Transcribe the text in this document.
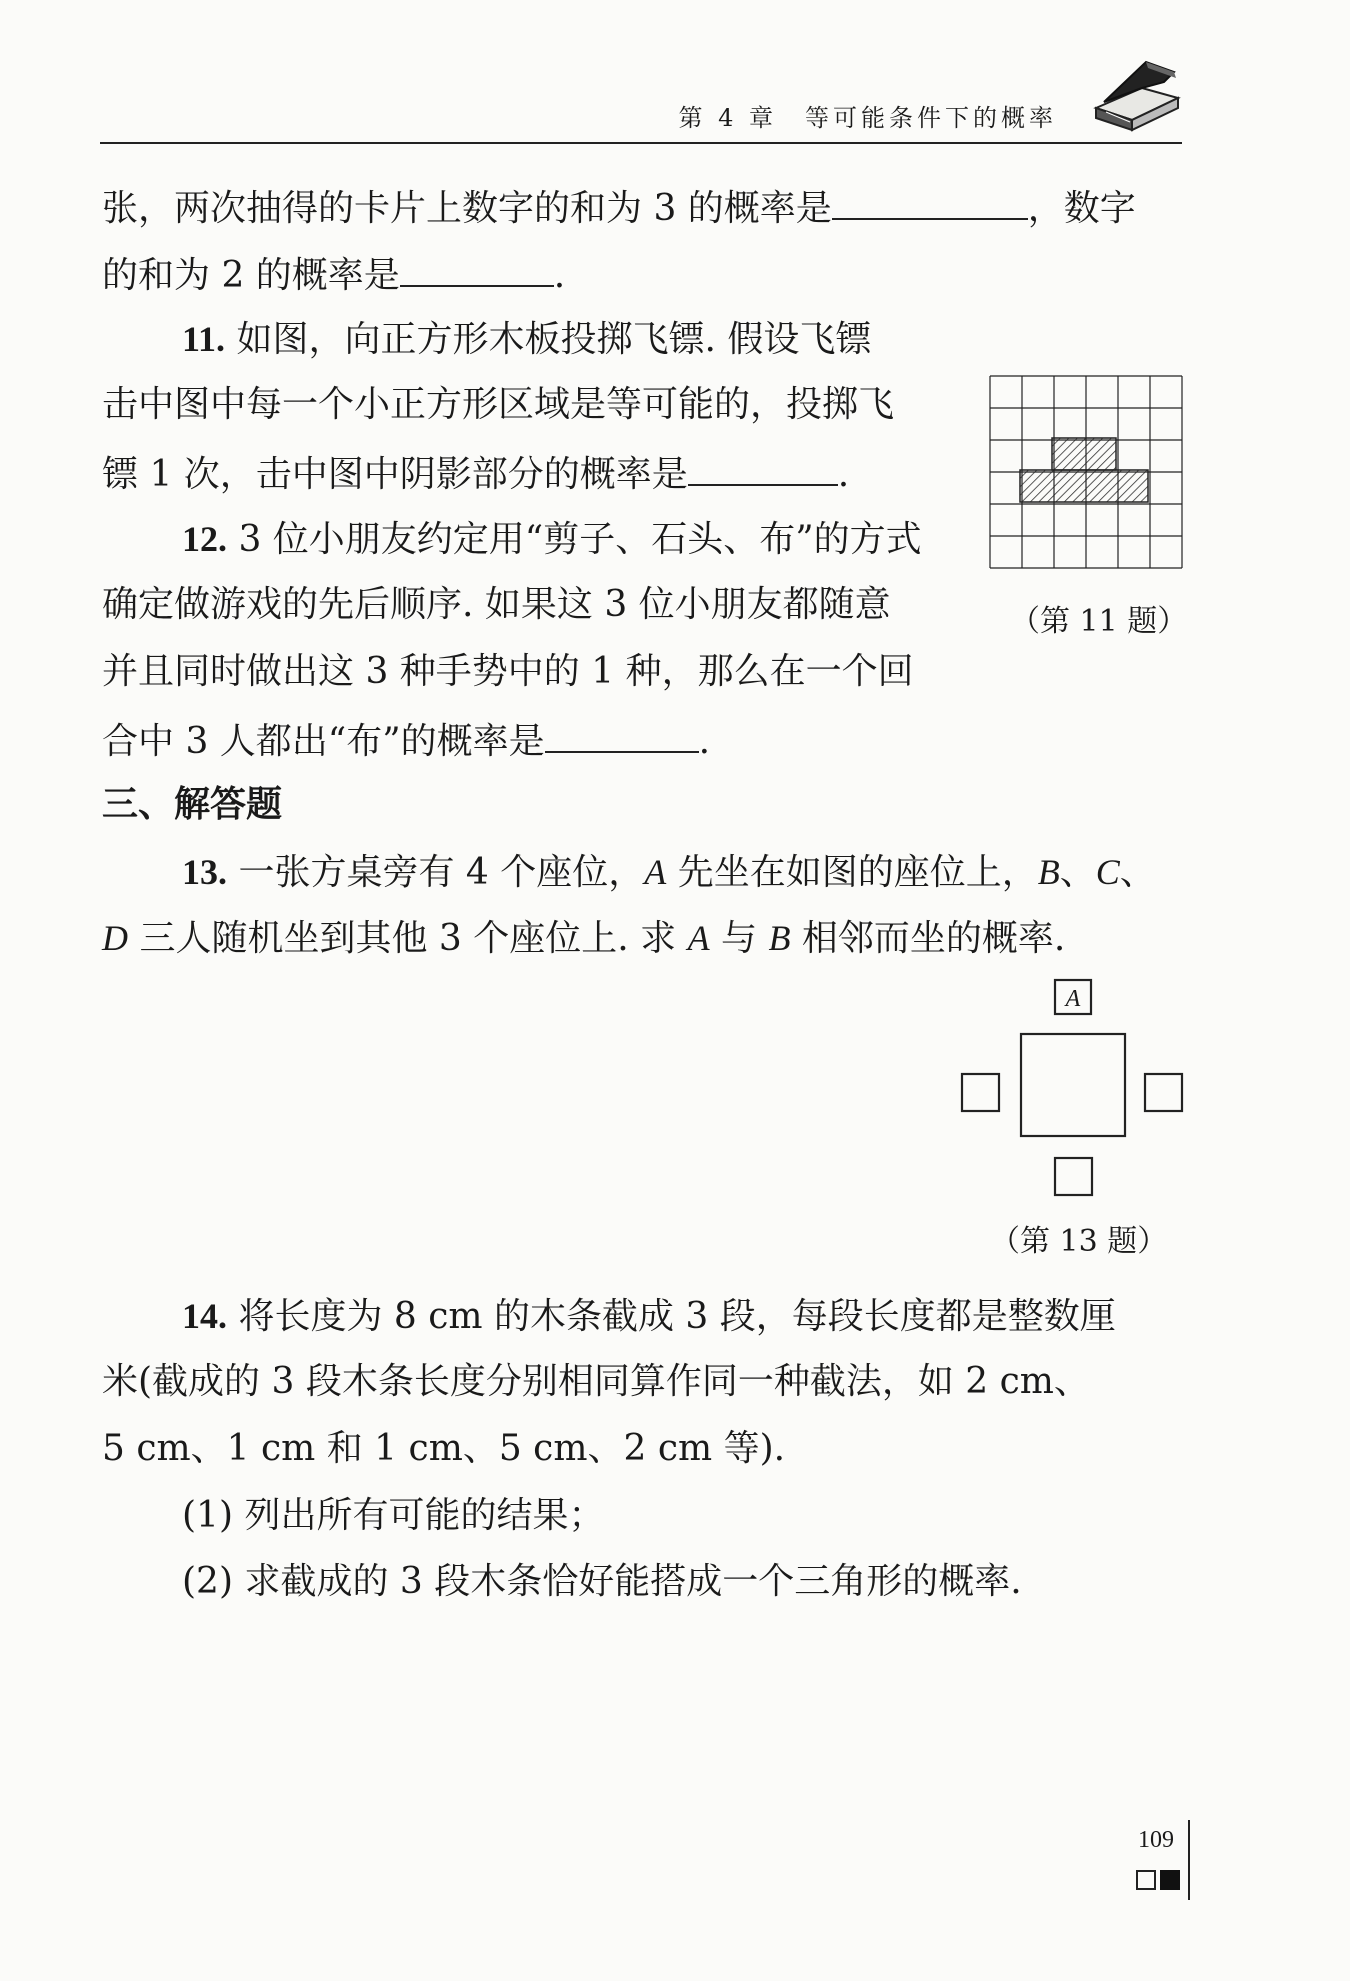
第 4 章　等可能条件下的概率
张，两次抽得的卡片上数字的和为 3 的概率是	，数字
的和为 2 的概率是	.
11. 如图，向正方形木板投掷飞镖. 假设飞镖
击中图中每一个小正方形区域是等可能的，投掷飞
镖 1 次，击中图中阴影部分的概率是	.
（第 11 题）
12. 3 位小朋友约定用“剪子、石头、布”的方式
确定做游戏的先后顺序. 如果这 3 位小朋友都随意
并且同时做出这 3 种手势中的 1 种，那么在一个回
合中 3 人都出“布”的概率是	.
三、解答题
13. 一张方桌旁有 4 个座位，A 先坐在如图的座位上，B、C、
D 三人随机坐到其他 3 个座位上. 求 A 与 B 相邻而坐的概率.
A
（第 13 题）
14. 将长度为 8 cm 的木条截成 3 段，每段长度都是整数厘
米(截成的 3 段木条长度分别相同算作同一种截法，如 2 cm、
5 cm、1 cm 和 1 cm、5 cm、2 cm 等).
(1) 列出所有可能的结果；
(2) 求截成的 3 段木条恰好能搭成一个三角形的概率.
109
